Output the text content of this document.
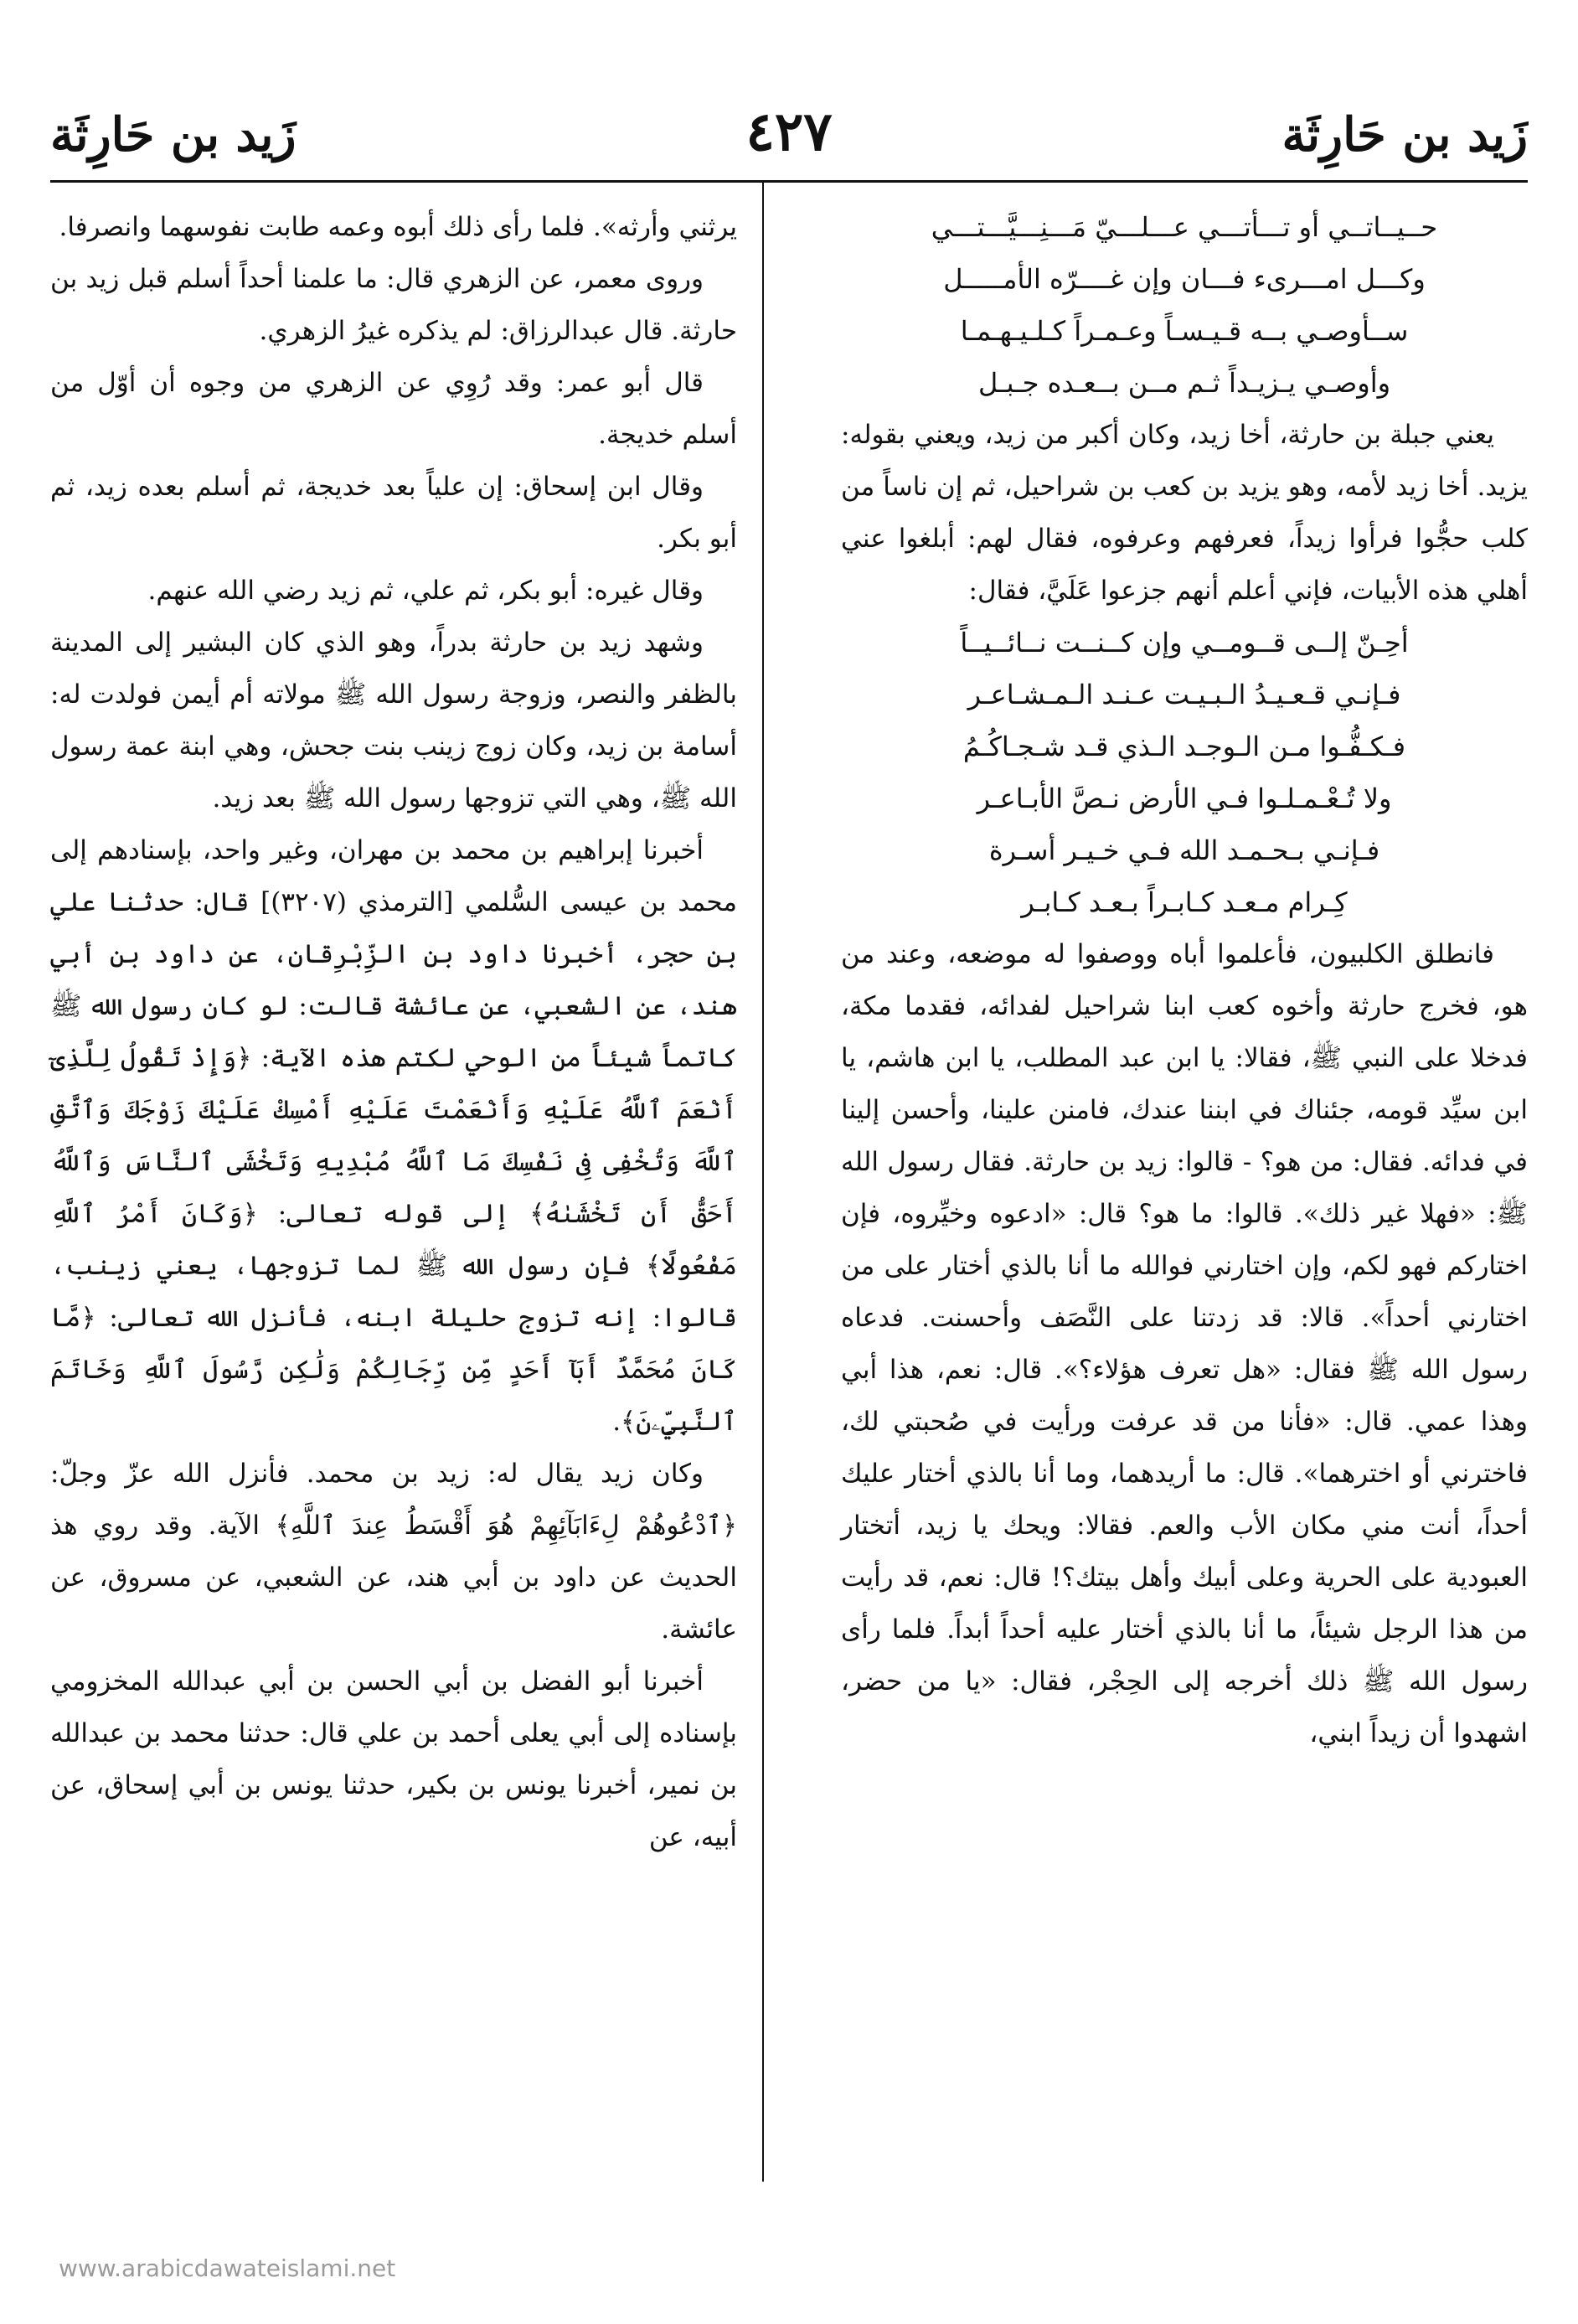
زَيد بن حَارِثَة
٤٢٧
زَيد بن حَارِثَة

حــيــاتــي أو تـــأتـــي عـــلـــيّ مَـــنِـــيَّـــتـــي

وكـــل امـــرىء فـــان وإن غــــرّه الأمـــــل

ســأوصـي بــه قـيـسـاً وعـمـراً كـلـيـهـمـا

وأوصـي يـزيـداً ثـم مــن بــعـده جـبـل

يعني جبلة بن حارثة، أخا زيد، وكان أكبر من زيد، ويعني بقوله: يزيد. أخا زيد لأمه، وهو يزيد بن كعب بن شراحيل، ثم إن ناساً من كلب حجُّوا فرأوا زيداً، فعرفهم وعرفوه، فقال لهم: أبلغوا عني أهلي هذه الأبيات، فإني أعلم أنهم جزعوا عَلَيَّ، فقال:

أحِـنّ إلــى قــومــي وإن كــنــت نــائــيــاً

فـإنـي قـعـيـدُ الـبـيـت عـنـد الـمـشـاعـر

فـكـفُّـوا مـن الـوجـد الـذي قـد شـجـاكُـمُ

ولا تُـعْـمـلـوا فـي الأرض نـصَّ الأبـاعـر

فـإنـي بـحـمـد الله فـي خـيـر أسـرة

كِـرام مـعـد كـابـراً بـعـد كـابـر

فانطلق الكلبيون، فأعلموا أباه ووصفوا له موضعه، وعند من هو، فخرج حارثة وأخوه كعب ابنا شراحيل لفدائه، فقدما مكة، فدخلا على النبي ﷺ، فقالا: يا ابن عبد المطلب، يا ابن هاشم، يا ابن سيِّد قومه، جئناك في ابننا عندك، فامنن علينا، وأحسن إلينا في فدائه. فقال: من هو؟ - قالوا: زيد بن حارثة. فقال رسول الله ﷺ: «فهلا غير ذلك». قالوا: ما هو؟ قال: «ادعوه وخيِّروه، فإن اختاركم فهو لكم، وإن اختارني فوالله ما أنا بالذي أختار على من اختارني أحداً». قالا: قد زدتنا على النَّصَف وأحسنت. فدعاه رسول الله ﷺ فقال: «هل تعرف هؤلاء؟». قال: نعم، هذا أبي وهذا عمي. قال: «فأنا من قد عرفت ورأيت في صُحبتي لك، فاخترني أو اخترهما». قال: ما أريدهما، وما أنا بالذي أختار عليك أحداً، أنت مني مكان الأب والعم. فقالا: ويحك يا زيد، أتختار العبودية على الحرية وعلى أبيك وأهل بيتك؟! قال: نعم، قد رأيت من هذا الرجل شيئاً، ما أنا بالذي أختار عليه أحداً أبداً. فلما رأى رسول الله ﷺ ذلك أخرجه إلى الحِجْر، فقال: «يا من حضر، اشهدوا أن زيداً ابني،

يرثني وأرثه». فلما رأى ذلك أبوه وعمه طابت نفوسهما وانصرفا.

وروى معمر، عن الزهري قال: ما علمنا أحداً أسلم قبل زيد بن حارثة. قال عبدالرزاق: لم يذكره غيرُ الزهري.

قال أبو عمر: وقد رُوِي عن الزهري من وجوه أن أوّل من أسلم خديجة.

وقال ابن إسحاق: إن علياً بعد خديجة، ثم أسلم بعده زيد، ثم أبو بكر.

وقال غيره: أبو بكر، ثم علي، ثم زيد رضي الله عنهم.

وشهد زيد بن حارثة بدراً، وهو الذي كان البشير إلى المدينة بالظفر والنصر، وزوجة رسول الله ﷺ مولاته أم أيمن فولدت له: أسامة بن زيد، وكان زوج زينب بنت جحش، وهي ابنة عمة رسول الله ﷺ، وهي التي تزوجها رسول الله ﷺ بعد زيد.

أخبرنا إبراهيم بن محمد بن مهران، وغير واحد، بإسنادهم إلى محمد بن عيسى السُّلمي [الترمذي (٣٢٠٧)] قال: حدثنا علي بن حجر، أخبرنا داود بن الزِّبْرِقان، عن داود بن أبي هند، عن الشعبي، عن عائشة قالت: لو كان رسول الله ﷺ كاتماً شيئاً من الوحي لكتم هذه الآية: ﴿وَإِذْ تَقُولُ لِلَّذِىٓ أَنْعَمَ ٱللَّهُ عَلَيْهِ وَأَنْعَمْتَ عَلَيْهِ أَمْسِكْ عَلَيْكَ زَوْجَكَ وَٱتَّقِ ٱللَّهَ وَتُخْفِى فِى نَفْسِكَ مَا ٱللَّهُ مُبْدِيهِ وَتَخْشَى ٱلنَّاسَ وَٱللَّهُ أَحَقُّ أَن تَخْشَىٰهُ﴾ إلى قوله تعالى: ﴿وَكَانَ أَمْرُ ٱللَّهِ مَفْعُولًا﴾ فإن رسول الله ﷺ لما تزوجها، يعني زينب، قالوا: إنه تزوج حليلة ابنه، فأنزل الله تعالى: ﴿مَّا كَانَ مُحَمَّدٌ أَبَآ أَحَدٍ مِّن رِّجَالِكُمْ وَلَٰكِن رَّسُولَ ٱللَّهِ وَخَاتَمَ ٱلنَّبِيِّۦنَ﴾.

وكان زيد يقال له: زيد بن محمد. فأنزل الله عزّ وجلّ: ﴿ٱدْعُوهُمْ لِءَابَآئِهِمْ هُوَ أَقْسَطُ عِندَ ٱللَّهِ﴾ الآية. وقد روي هذ الحديث عن داود بن أبي هند، عن الشعبي، عن مسروق، عن عائشة.

أخبرنا أبو الفضل بن أبي الحسن بن أبي عبدالله المخزومي بإسناده إلى أبي يعلى أحمد بن علي قال: حدثنا محمد بن عبدالله بن نمير، أخبرنا يونس بن بكير، حدثنا يونس بن أبي إسحاق، عن أبيه، عن

www.arabicdawateislami.net
